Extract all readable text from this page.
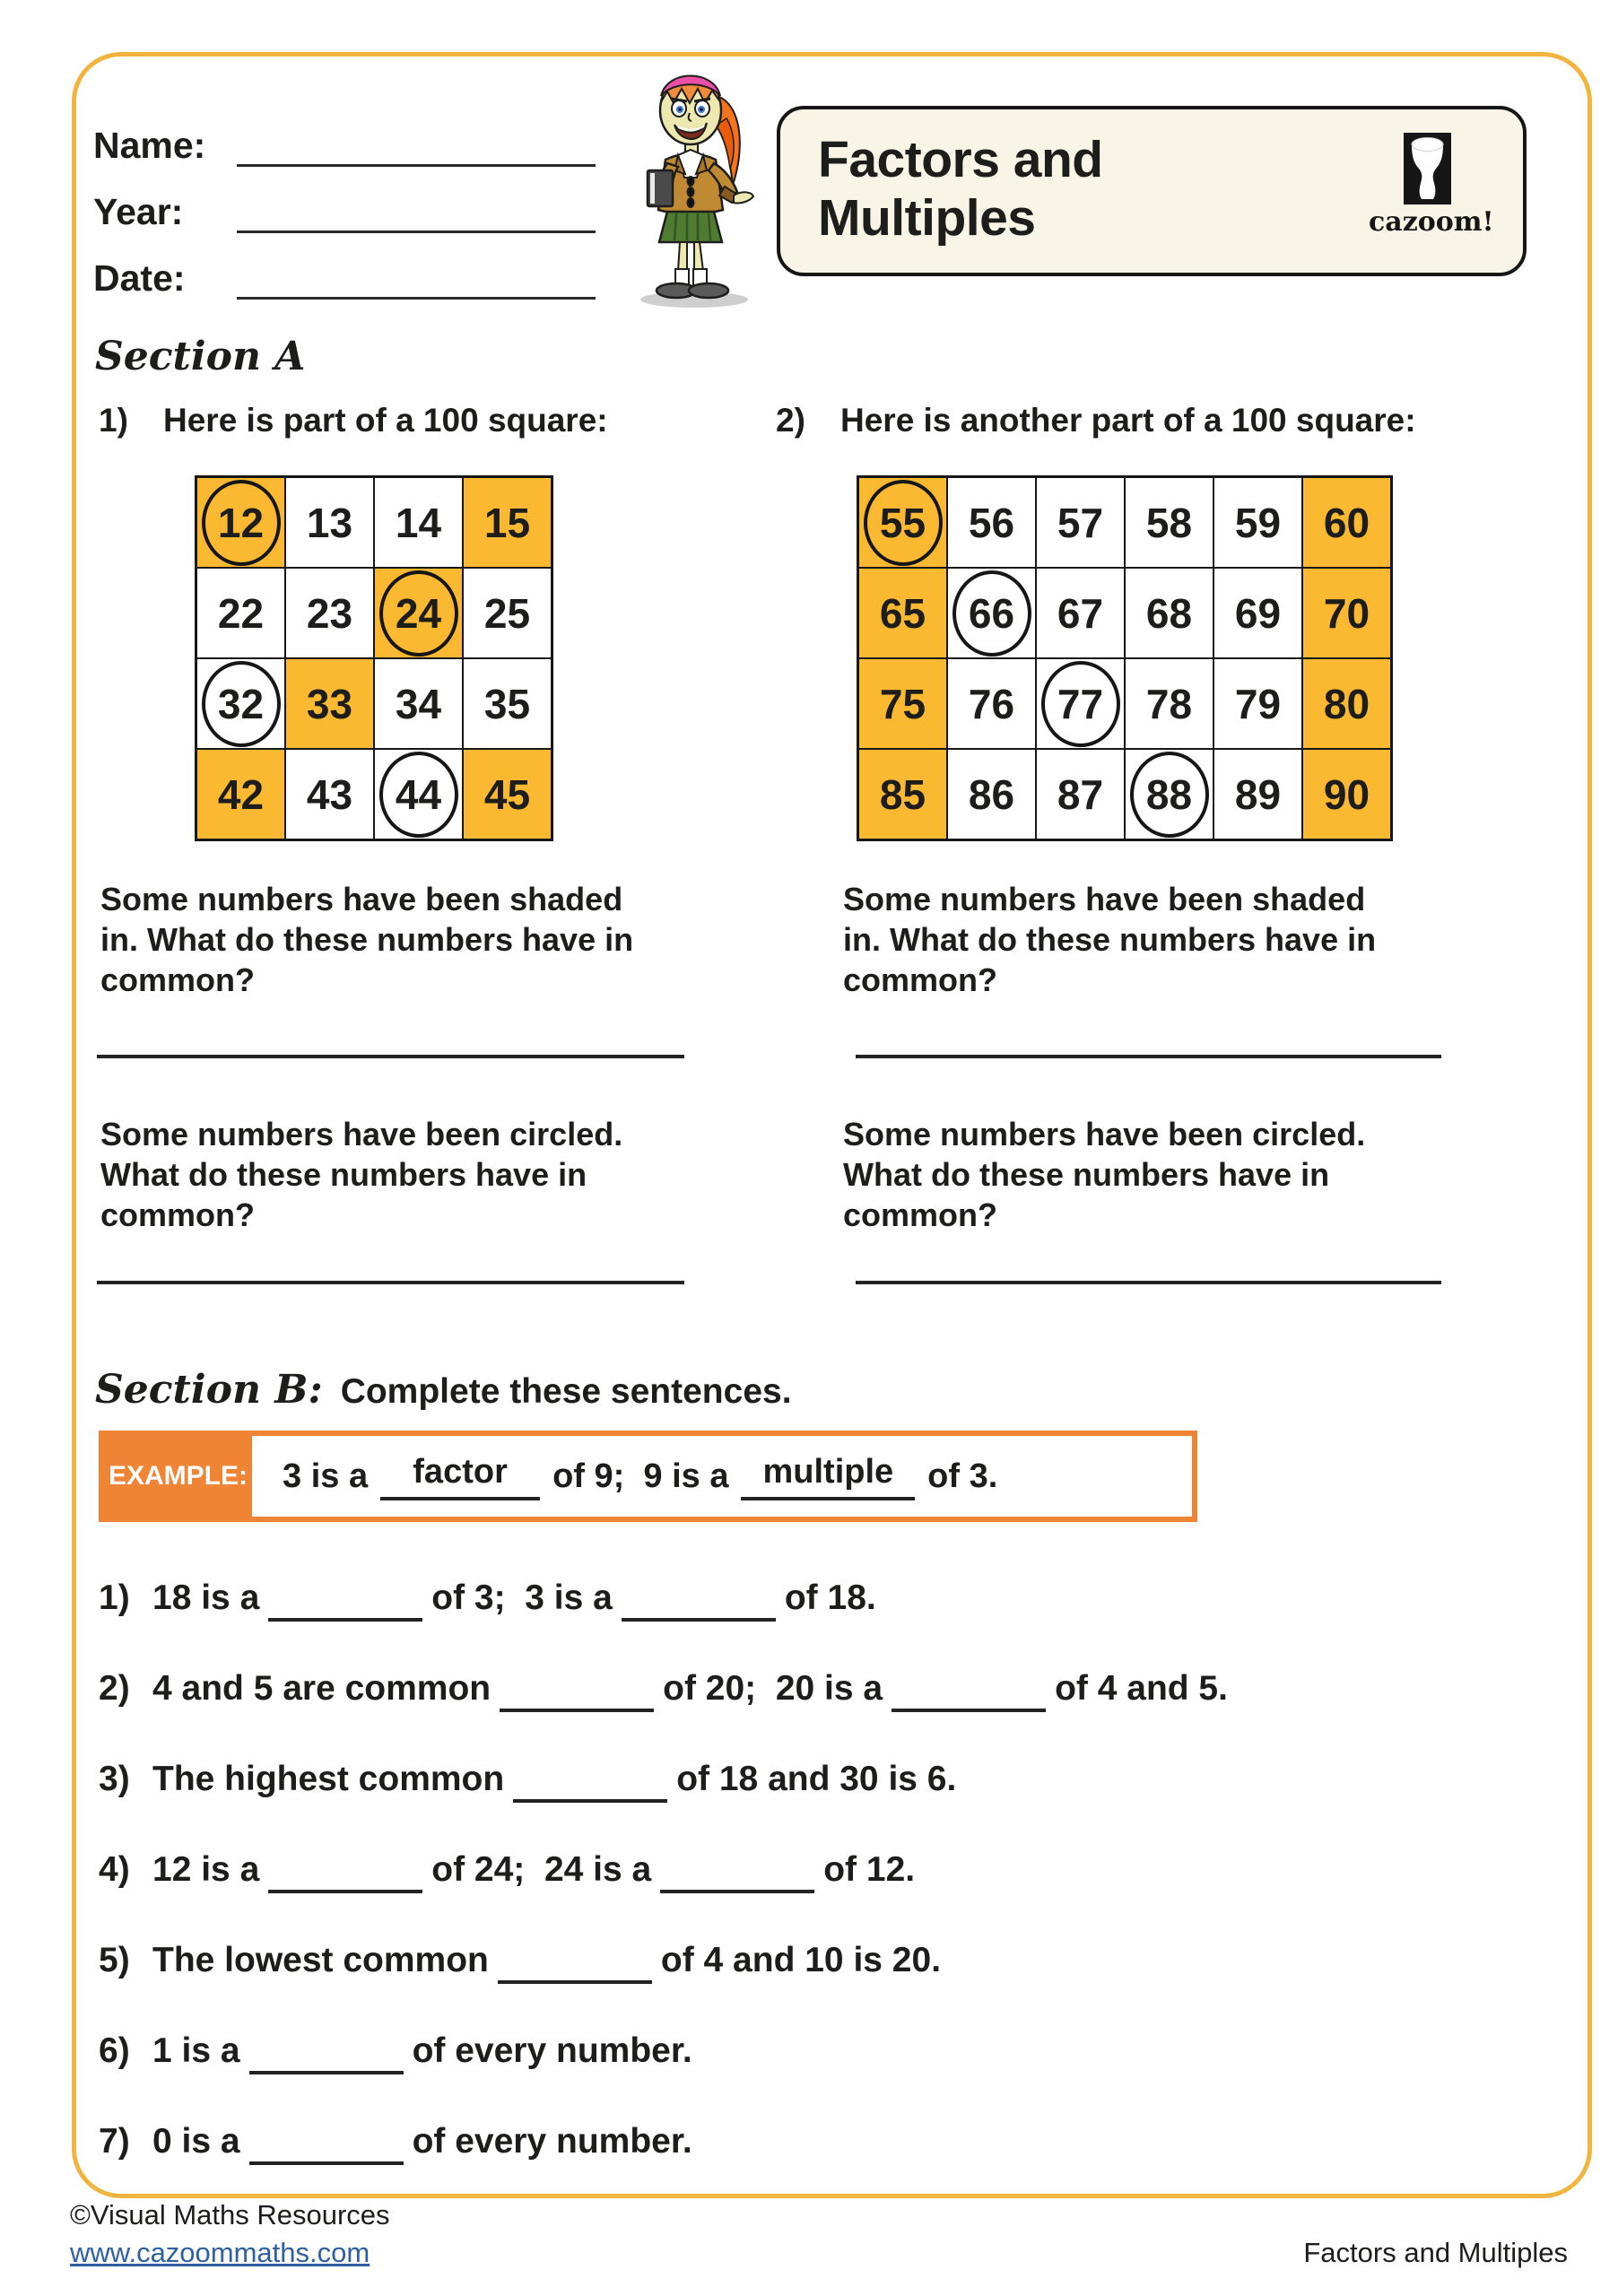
Name:
Year:
Date:
Factors and
Multiples	cazoom!
Section A
1) Here is part of a 100 square:	2) Here is another part of a 100 square:
12 13 14 15
22 23 24 25
32 33 34 35
42 43 44 45
55 56 57 58 59 60
65 66 67 68 69 70
75 76 77 78 79 80
85 86 87 88 89 90
Some numbers have been shaded in. What do these numbers have in common?
Some numbers have been shaded in. What do these numbers have in common?
Some numbers have been circled. What do these numbers have in common?
Some numbers have been circled. What do these numbers have in common?
Section B: Complete these sentences.
EXAMPLE: 3 is a	factor	of 9;  9 is a	multiple	of 3.
1) 18 is a	of 3;  3 is a	of 18.
2) 4 and 5 are common	of 20;  20 is a	of 4 and 5.
3) The highest common	of 18 and 30 is 6.
4) 12 is a	of 24;  24 is a	of 12.
5) The lowest common	of 4 and 10 is 20.
6) 1 is a	of every number.
7) 0 is a	of every number.
©Visual Maths Resources
www.cazoommaths.com	Factors and Multiples
